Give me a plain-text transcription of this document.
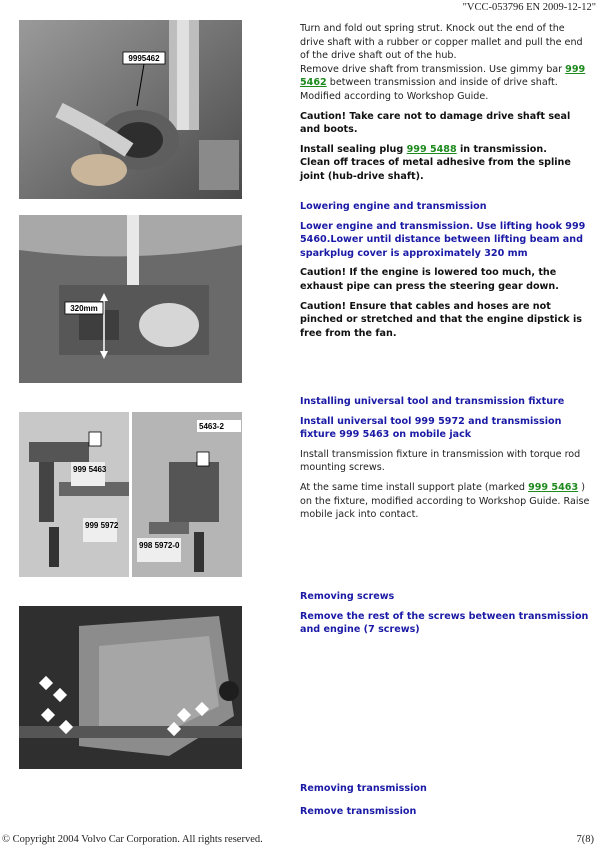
"VCC-053796 EN 2009-12-12"
9995462

Turn and fold out spring strut. Knock out the end of the drive shaft with a rubber or copper mallet and pull the end of the drive shaft out of the hub.

Remove drive shaft from transmission. Use gimmy bar 999 5462 between transmission and inside of drive shaft. Modified according to Workshop Guide.

Caution! Take care not to damage drive shaft seal and boots.

Install sealing plug 999 5488 in transmission.

Clean off traces of metal adhesive from the spline joint (hub-drive shaft).

320mm

Lowering engine and transmission

Lower engine and transmission. Use lifting hook 999 5460.Lower until distance between lifting beam and sparkplug cover is approximately 320 mm

Caution! If the engine is lowered too much, the exhaust pipe can press the steering gear down.

Caution! Ensure that cables and hoses are not pinched or stretched and that the engine dipstick is free from the fan.

999 5463
999 5972
5463-2
998 5972-0

Installing universal tool and transmission fixture

Install universal tool 999 5972 and transmission fixture 999 5463 on mobile jack

Install transmission fixture in transmission with torque rod mounting screws.

At the same time install support plate (marked 999 5463 ) on the fixture, modified according to Workshop Guide. Raise mobile jack into contact.

Removing screws

Remove the rest of the screws between transmission and engine (7 screws)

Removing transmission

Remove transmission

© Copyright 2004 Volvo Car Corporation. All rights reserved.	7(8)
